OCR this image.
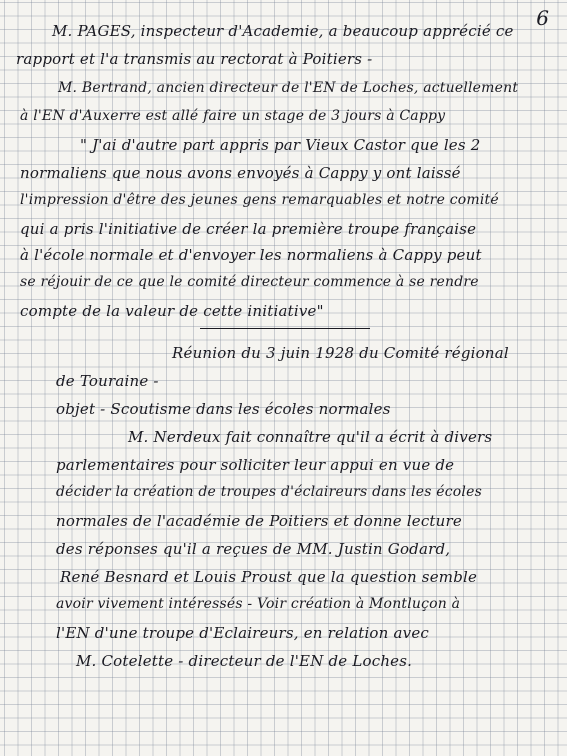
6
M. PAGES, inspecteur d'Academie, a beaucoup apprécié ce
rapport et l'a transmis au rectorat à Poitiers -
M. Bertrand, ancien directeur de l'EN de Loches, actuellement
à l'EN d'Auxerre est allé faire un stage de 3 jours à Cappy
" J'ai d'autre part appris par Vieux Castor que les 2
normaliens que nous avons envoyés à Cappy y ont laissé
l'impression d'être des jeunes gens remarquables et notre comité
qui a pris l'initiative de créer la première troupe française
à l'école normale et d'envoyer les normaliens à Cappy peut
se réjouir de ce que le comité directeur commence à se rendre
compte de la valeur de cette initiative"
Réunion du 3 juin 1928 du Comité régional
de Touraine -
objet - Scoutisme dans les écoles normales
M. Nerdeux fait connaître qu'il a écrit à divers
parlementaires pour solliciter leur appui en vue de
décider la création de troupes d'éclaireurs dans les écoles
normales de l'académie de Poitiers et donne lecture
des réponses qu'il a reçues de MM. Justin Godard,
René Besnard et Louis Proust que la question semble
avoir vivement intéressés - Voir création à Montluçon à
l'EN d'une troupe d'Eclaireurs, en relation avec
M. Cotelette - directeur de l'EN de Loches.
